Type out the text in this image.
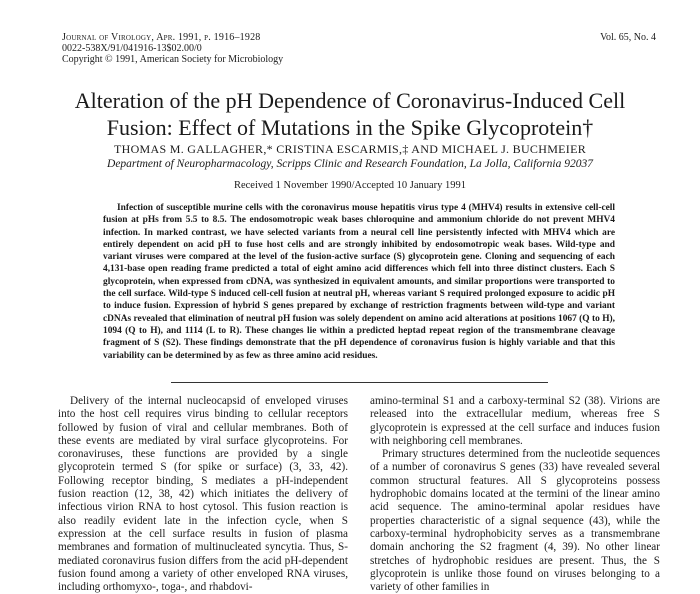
Journal of Virology, Apr. 1991, p. 1916–1928
0022-538X/91/041916-13$02.00/0
Copyright © 1991, American Society for Microbiology
Vol. 65, No. 4
Alteration of the pH Dependence of Coronavirus-Induced Cell Fusion: Effect of Mutations in the Spike Glycoprotein†
THOMAS M. GALLAGHER,* CRISTINA ESCARMIS,‡ AND MICHAEL J. BUCHMEIER
Department of Neuropharmacology, Scripps Clinic and Research Foundation, La Jolla, California 92037
Received 1 November 1990/Accepted 10 January 1991

Infection of susceptible murine cells with the coronavirus mouse hepatitis virus type 4 (MHV4) results in extensive cell-cell fusion at pHs from 5.5 to 8.5. The endosomotropic weak bases chloroquine and ammonium chloride do not prevent MHV4 infection. In marked contrast, we have selected variants from a neural cell line persistently infected with MHV4 which are entirely dependent on acid pH to fuse host cells and are strongly inhibited by endosomotropic weak bases. Wild-type and variant viruses were compared at the level of the fusion-active surface (S) glycoprotein gene. Cloning and sequencing of each 4,131-base open reading frame predicted a total of eight amino acid differences which fell into three distinct clusters. Each S glycoprotein, when expressed from cDNA, was synthesized in equivalent amounts, and similar proportions were transported to the cell surface. Wild-type S induced cell-cell fusion at neutral pH, whereas variant S required prolonged exposure to acidic pH to induce fusion. Expression of hybrid S genes prepared by exchange of restriction fragments between wild-type and variant cDNAs revealed that elimination of neutral pH fusion was solely dependent on amino acid alterations at positions 1067 (Q to H), 1094 (Q to H), and 1114 (L to R). These changes lie within a predicted heptad repeat region of the transmembrane cleavage fragment of S (S2). These findings demonstrate that the pH dependence of coronavirus fusion is highly variable and that this variability can be determined by as few as three amino acid residues.

Delivery of the internal nucleocapsid of enveloped viruses into the host cell requires virus binding to cellular receptors followed by fusion of viral and cellular membranes. Both of these events are mediated by viral surface glycoproteins. For coronaviruses, these functions are provided by a single glycoprotein termed S (for spike or surface) (3, 33, 42). Following receptor binding, S mediates a pH-independent fusion reaction (12, 38, 42) which initiates the delivery of infectious virion RNA to host cytosol. This fusion reaction is also readily evident late in the infection cycle, when S expression at the cell surface results in fusion of plasma membranes and formation of multinucleated syncytia. Thus, S-mediated coronavirus fusion differs from the acid pH-dependent fusion found among a variety of other enveloped RNA viruses, including orthomyxo-, toga-, and rhabdovi-

amino-terminal S1 and a carboxy-terminal S2 (38). Virions are released into the extracellular medium, whereas free S glycoprotein is expressed at the cell surface and induces fusion with neighboring cell membranes.

Primary structures determined from the nucleotide sequences of a number of coronavirus S genes (33) have revealed several common structural features. All S glycoproteins possess hydrophobic domains located at the termini of the linear amino acid sequence. The amino-terminal apolar residues have properties characteristic of a signal sequence (43), while the carboxy-terminal hydrophobicity serves as a transmembrane domain anchoring the S2 fragment (4, 39). No other linear stretches of hydrophobic residues are present. Thus, the S glycoprotein is unlike those found on viruses belonging to a variety of other families in
